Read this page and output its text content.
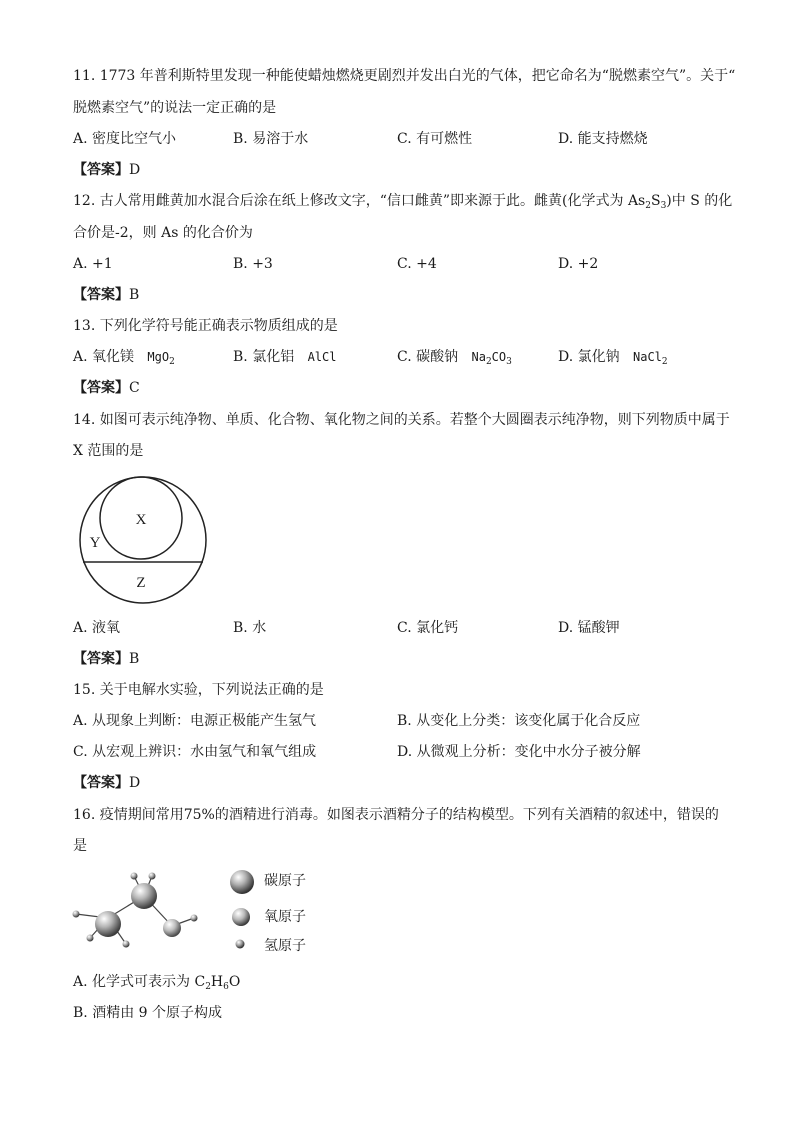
11. 1773 年普利斯特里发现一种能使蜡烛燃烧更剧烈并发出白光的气体，把它命名为“脱燃素空气”。关于“
脱燃素空气”的说法一定正确的是
A. 密度比空气小	B. 易溶于水	C. 有可燃性	D. 能支持燃烧
【答案】D
12. 古人常用雌黄加水混合后涂在纸上修改文字，“信口雌黄”即来源于此。雌黄(化学式为 $As_2S_3$)中 S 的化
合价是-2，则 As 的化合价为
A. +1	B. +3	C. +4	D. +2
【答案】B
13. 下列化学符号能正确表示物质组成的是
A. 氧化镁 MgO$_2$	B. 氯化铝 AlCl	C. 碳酸钠 $Na_2CO_3$	D. 氯化钠 NaCl$_2$
【答案】C
14. 如图可表示纯净物、单质、化合物、氧化物之间的关系。若整个大圆圈表示纯净物，则下列物质中属于
X 范围的是
X
Y
Z
A. 液氧	B. 水	C. 氯化钙	D. 锰酸钾
【答案】B
15. 关于电解水实验，下列说法正确的是
A. 从现象上判断：电源正极能产生氢气	B. 从变化上分类：该变化属于化合反应
C. 从宏观上辨识：水由氢气和氧气组成	D. 从微观上分析：变化中水分子被分解
【答案】D
16. 疫情期间常用75%的酒精进行消毒。如图表示酒精分子的结构模型。下列有关酒精的叙述中，错误的
是
碳原子
氧原子
氢原子
A. 化学式可表示为 $C_2H_6O$
B. 酒精由 9 个原子构成
